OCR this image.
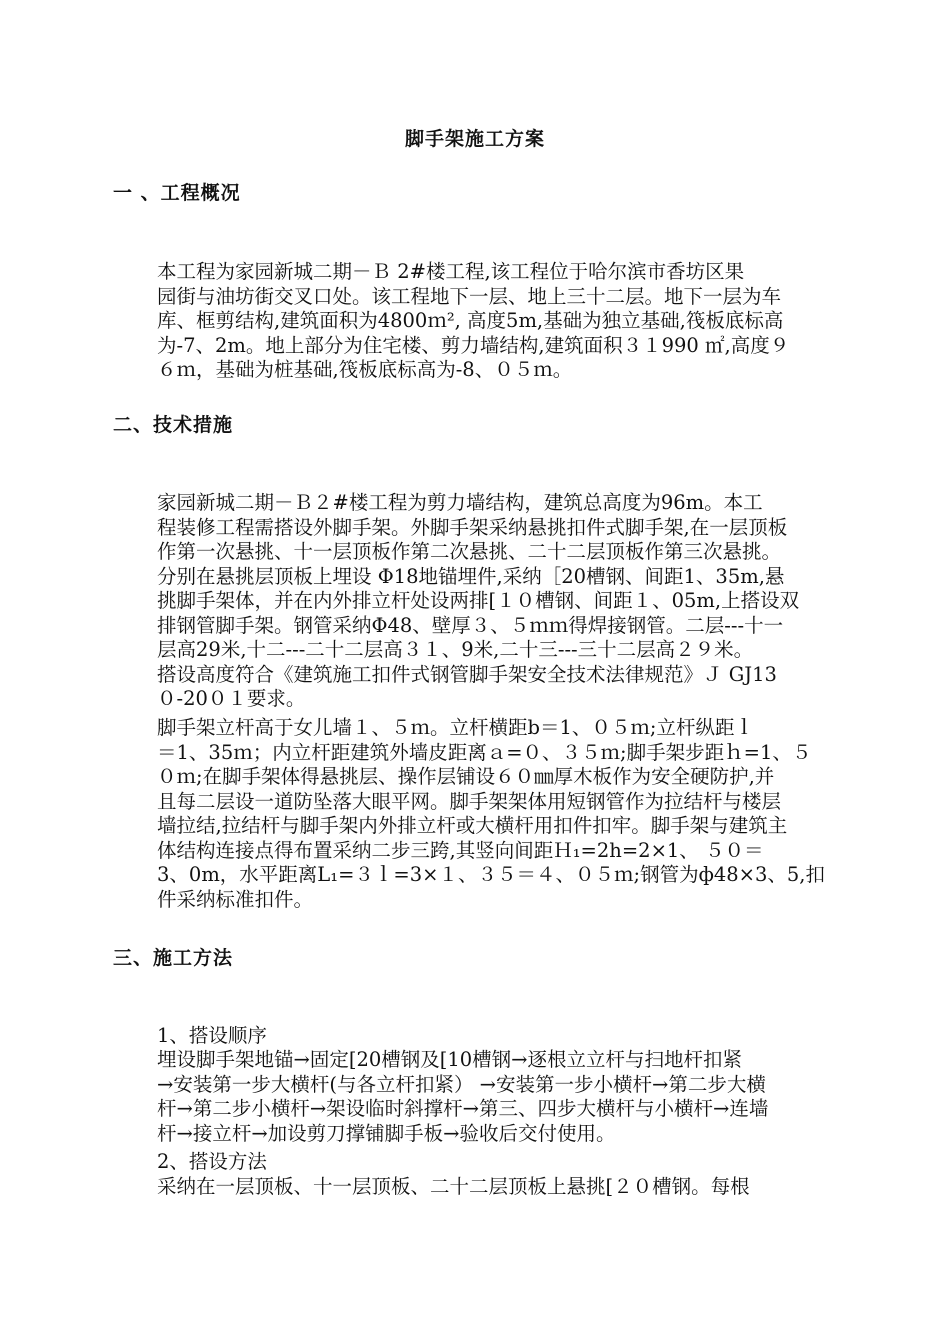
脚手架施工方案
一 、工程概况
本工程为家园新城二期－Ｂ 2#楼工程,该工程位于哈尔滨市香坊区果
园街与油坊街交叉口处。该工程地下一层、地上三十二层。地下一层为车
库、框剪结构,建筑面积为4800ｍ², 高度5m,基础为独立基础,筏板底标高
为-7、2m。地上部分为住宅楼、剪力墙结构,建筑面积３１990 ㎡,高度９
６ｍ，基础为桩基础,筏板底标高为-8、０５ｍ。
二、技术措施
家园新城二期－Ｂ２#楼工程为剪力墙结构，建筑总高度为96m。本工
程装修工程需搭设外脚手架。外脚手架采纳悬挑扣件式脚手架,在一层顶板
作第一次悬挑、十一层顶板作第二次悬挑、二十二层顶板作第三次悬挑。
分别在悬挑层顶板上埋设 Φ18地锚埋件,采纳［20槽钢、间距1、35m,悬
挑脚手架体，并在内外排立杆处设两排[１０槽钢、间距１、05m,上搭设双
排钢管脚手架。钢管采纳Φ48、壁厚３、５ｍｍ得焊接钢管。二层---十一
层高29米,十二---二十二层高３１、9米,二十三---三十二层高２９米。
搭设高度符合《建筑施工扣件式钢管脚手架安全技术法律规范》Ｊ GJ13
０-20０１要求。
脚手架立杆高于女儿墙１、５ｍ。立杆横距b＝1、０５ｍ;立杆纵距ｌ
＝1、35ｍ；内立杆距建筑外墙皮距离ａ=０、３５ｍ;脚手架步距ｈ=1、５
０ｍ;在脚手架体得悬挑层、操作层铺设６０㎜厚木板作为安全硬防护,并
且每二层设一道防坠落大眼平网。脚手架架体用短钢管作为拉结杆与楼层
墙拉结,拉结杆与脚手架内外排立杆或大横杆用扣件扣牢。脚手架与建筑主
体结构连接点得布置采纳二步三跨,其竖向间距Ｈ₁=2h=2×1、 ５０＝
3、0m，水平距离L₁=３ｌ=3×１、３５＝４、０５ｍ;钢管为ф48×3、5,扣
件采纳标准扣件。
三、施工方法
1、搭设顺序
埋设脚手架地锚→固定[20槽钢及[10槽钢→逐根立立杆与扫地杆扣紧
→安装第一步大横杆(与各立杆扣紧） →安装第一步小横杆→第二步大横
杆→第二步小横杆→架设临时斜撑杆→第三、四步大横杆与小横杆→连墙
杆→接立杆→加设剪刀撑铺脚手板→验收后交付使用。
2、搭设方法
采纳在一层顶板、十一层顶板、二十二层顶板上悬挑[２０槽钢。每根
